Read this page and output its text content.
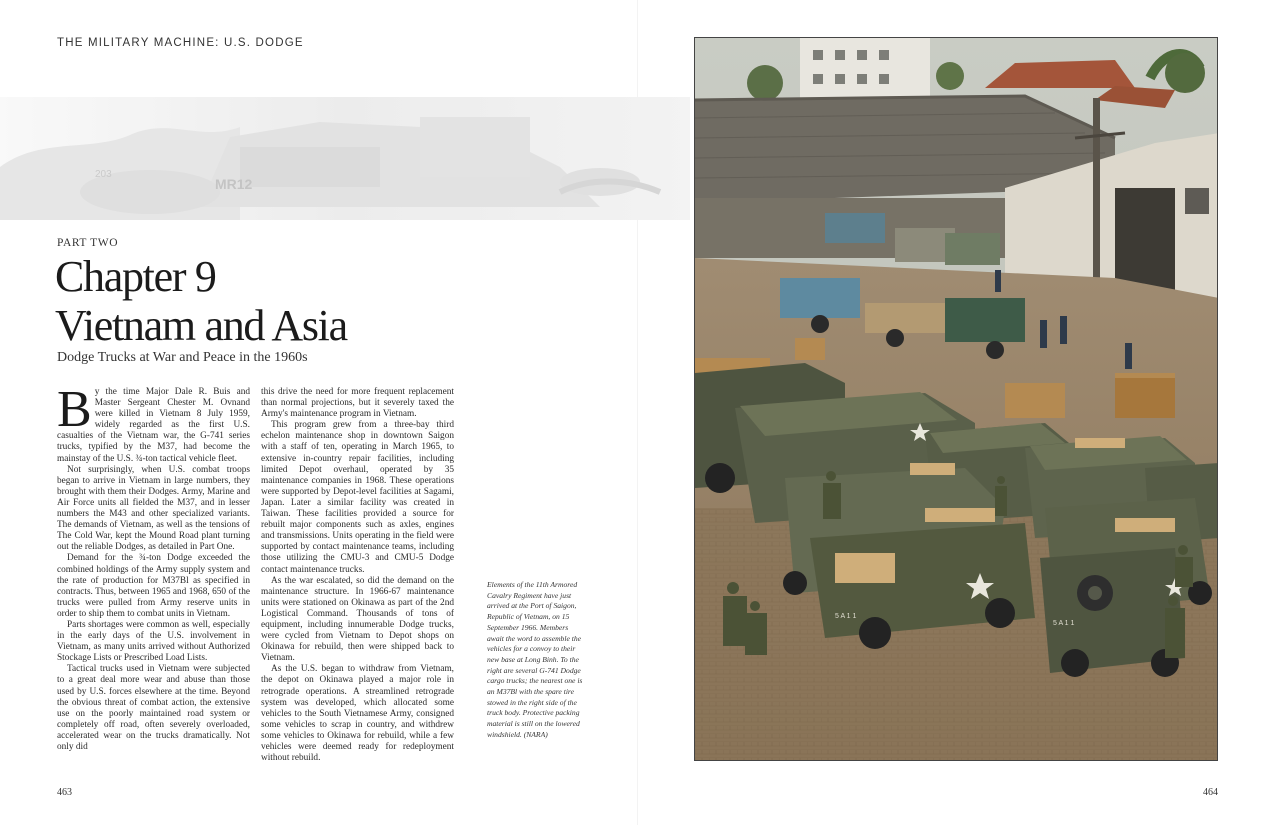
THE MILITARY MACHINE: U.S. DODGE
MR12
203
PART TWO
Chapter 9
Vietnam and Asia
Dodge Trucks at War and Peace in the 1960s

By the time Major Dale R. Buis and Master Sergeant Chester M. Ovnand were killed in Vietnam 8 July 1959, widely regarded as the first U.S. casualties of the Vietnam war, the G-741 series trucks, typified by the M37, had become the mainstay of the U.S. ¾-ton tactical vehicle fleet.

Not surprisingly, when U.S. combat troops began to arrive in Vietnam in large numbers, they brought with them their Dodges. Army, Marine and Air Force units all fielded the M37, and in lesser numbers the M43 and other specialized variants. The demands of Vietnam, as well as the tensions of The Cold War, kept the Mound Road plant turning out the reliable Dodges, as detailed in Part One.

Demand for the ¾-ton Dodge exceeded the combined holdings of the Army supply system and the rate of production for M37Bl as specified in contracts. Thus, between 1965 and 1968, 650 of the trucks were pulled from Army reserve units in order to ship them to combat units in Vietnam.

Parts shortages were common as well, especially in the early days of the U.S. involvement in Vietnam, as many units arrived without Authorized Stockage Lists or Prescribed Load Lists.

Tactical trucks used in Vietnam were subjected to a great deal more wear and abuse than those used by U.S. forces elsewhere at the time. Beyond the obvious threat of combat action, the extensive use on the poorly maintained road system or completely off road, often severely overloaded, accelerated wear on the trucks dramatically. Not only did

this drive the need for more frequent replacement than normal projections, but it severely taxed the Army's maintenance program in Vietnam.

This program grew from a three-bay third echelon maintenance shop in downtown Saigon with a staff of ten, operating in March 1965, to extensive in-country repair facilities, including limited Depot overhaul, operated by 35 maintenance companies in 1968. These operations were supported by Depot-level facilities at Sagami, Japan. Later a similar facility was created in Taiwan. These facilities provided a source for rebuilt major components such as axles, engines and transmissions. Units operating in the field were supported by contact maintenance teams, including those utilizing the CMU-3 and CMU-5 Dodge contact maintenance trucks.

As the war escalated, so did the demand on the maintenance structure. In 1966-67 maintenance units were stationed on Okinawa as part of the 2nd Logistical Command. Thousands of tons of equipment, including innumerable Dodge trucks, were cycled from Vietnam to Depot shops on Okinawa for rebuild, then were shipped back to Vietnam.

As the U.S. began to withdraw from Vietnam, the depot on Okinawa played a major role in retrograde operations. A streamlined retrograde system was developed, which allocated some vehicles to the South Vietnamese Army, consigned some vehicles to scrap in country, and withdrew some vehicles to Okinawa for rebuild, while a few vehicles were deemed ready for redeployment without rebuild.

Elements of the 11th Armored Cavalry Regiment have just arrived at the Port of Saigon, Republic of Vietnam, on 15 September 1966. Members await the word to assemble the vehicles for a convoy to their new base at Long Binh. To the right are several G-741 Dodge cargo trucks; the nearest one is an M37Bl with the spare tire stowed in the right side of the truck body. Protective packing material is still on the lowered windshield. (NARA)
463	464
5 A 1 1
5 A 1 1
